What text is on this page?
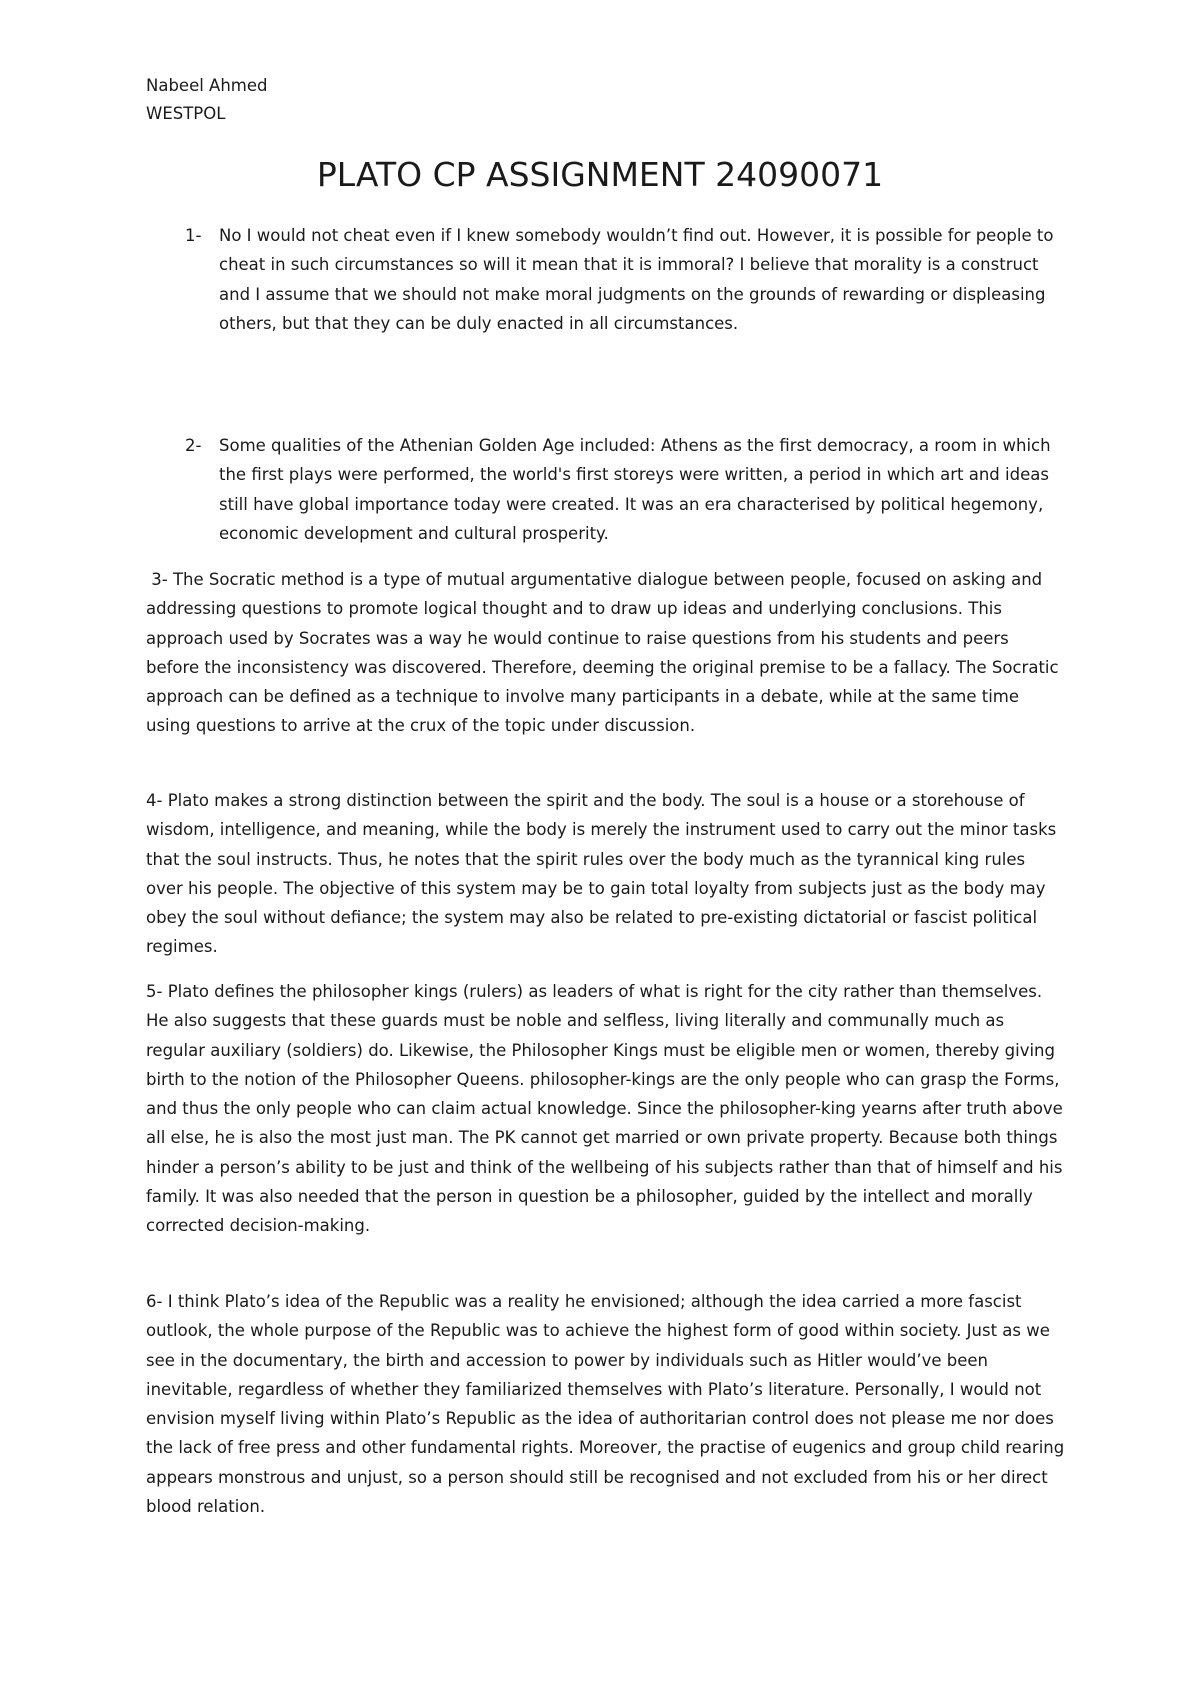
Nabeel Ahmed
WESTPOL
PLATO CP ASSIGNMENT 24090071
1-	No I would not cheat even if I knew somebody wouldn’t find out. However, it is possible for people to cheat in such circumstances so will it mean that it is immoral? I believe that morality is a construct and I assume that we should not make moral judgments on the grounds of rewarding or displeasing others, but that they can be duly enacted in all circumstances.
2-	Some qualities of the Athenian Golden Age included: Athens as the first democracy, a room in which the first plays were performed, the world's first storeys were written, a period in which art and ideas still have global importance today were created. It was an era characterised by political hegemony, economic development and cultural prosperity.
3- The Socratic method is a type of mutual argumentative dialogue between people, focused on asking and addressing questions to promote logical thought and to draw up ideas and underlying conclusions. This approach used by Socrates was a way he would continue to raise questions from his students and peers before the inconsistency was discovered. Therefore, deeming the original premise to be a fallacy. The Socratic approach can be defined as a technique to involve many participants in a debate, while at the same time using questions to arrive at the crux of the topic under discussion.
4- Plato makes a strong distinction between the spirit and the body. The soul is a house or a storehouse of wisdom, intelligence, and meaning, while the body is merely the instrument used to carry out the minor tasks that the soul instructs. Thus, he notes that the spirit rules over the body much as the tyrannical king rules over his people. The objective of this system may be to gain total loyalty from subjects just as the body may obey the soul without defiance; the system may also be related to pre-existing dictatorial or fascist political regimes.
5- Plato defines the philosopher kings (rulers) as leaders of what is right for the city rather than themselves. He also suggests that these guards must be noble and selfless, living literally and communally much as regular auxiliary (soldiers) do. Likewise, the Philosopher Kings must be eligible men or women, thereby giving birth to the notion of the Philosopher Queens. philosopher-kings are the only people who can grasp the Forms, and thus the only people who can claim actual knowledge. Since the philosopher-king yearns after truth above all else, he is also the most just man. The PK cannot get married or own private property. Because both things hinder a person’s ability to be just and think of the wellbeing of his subjects rather than that of himself and his family. It was also needed that the person in question be a philosopher, guided by the intellect and morally corrected decision-making.
6- I think Plato’s idea of the Republic was a reality he envisioned; although the idea carried a more fascist outlook, the whole purpose of the Republic was to achieve the highest form of good within society. Just as we see in the documentary, the birth and accession to power by individuals such as Hitler would’ve been inevitable, regardless of whether they familiarized themselves with Plato’s literature. Personally, I would not envision myself living within Plato’s Republic as the idea of authoritarian control does not please me nor does the lack of free press and other fundamental rights. Moreover, the practise of eugenics and group child rearing appears monstrous and unjust, so a person should still be recognised and not excluded from his or her direct blood relation.
